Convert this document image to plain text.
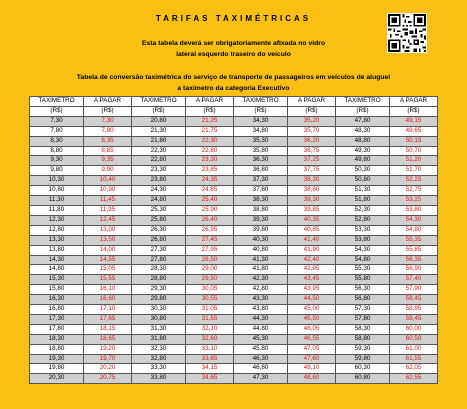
TARIFAS TAXIMÉTRICAS
Esta tabela deverá ser obrigatoriamente afixada no vidro
lateral esquerdo traseiro do veículo
Tabela de conversão taximétrica do serviço de transporte de passageiros em veículos de aluguel
a taxímetro da categoria Executivo
TAXIMETRO	A PAGAR	TAXIMETRO	A PAGAR	TAXIMETRO	A PAGAR	TAXIMETRO	A PAGAR
(R$)	(R$)	(R$)	(R$)	(R$)	(R$)	(R$)	(R$)
7,30	7,30	20,80	21,25	34,30	35,20	47,80	49,15
7,80	7,80	21,30	21,75	34,80	35,70	48,30	49,65
8,30	8,35	21,80	22,30	35,30	36,20	48,80	50,15
8,80	8,85	22,30	22,80	35,80	36,75	49,30	50,70
9,30	9,35	22,80	23,30	36,30	37,25	49,80	51,20
9,80	9,90	23,30	23,85	36,80	37,75	50,30	51,70
10,30	10,40	23,80	24,35	37,30	38,30	50,80	52,25
10,80	10,90	24,30	24,85	37,80	38,80	51,30	52,75
11,30	11,45	24,80	25,40	38,30	39,30	51,80	53,25
11,80	11,95	25,30	25,90	38,80	39,85	52,30	53,80
12,30	12,45	25,80	26,40	39,30	40,35	52,80	54,30
12,80	13,00	26,30	26,95	39,80	40,85	53,30	54,80
13,30	13,50	26,80	27,45	40,30	41,40	53,80	55,35
13,80	14,00	27,30	27,95	40,80	41,90	54,30	55,85
14,30	14,55	27,80	28,50	41,30	42,40	54,80	56,35
14,80	15,05	28,30	29,00	41,80	42,95	55,30	56,90
15,30	15,55	28,80	29,50	42,30	43,45	55,80	57,40
15,80	16,10	29,30	30,05	42,80	43,95	56,30	57,90
16,30	16,60	29,80	30,55	43,30	44,50	56,80	58,45
16,80	17,10	30,30	31,05	43,80	45,00	57,30	58,95
17,30	17,65	30,80	31,55	44,30	45,50	57,80	59,45
17,80	18,15	31,30	32,10	44,80	46,05	58,30	60,00
18,30	18,65	31,80	32,60	45,30	46,55	58,80	60,50
18,80	19,20	32,30	33,10	45,80	47,05	59,30	61,00
19,30	19,70	32,80	33,65	46,30	47,60	59,80	61,55
19,80	20,20	33,30	34,15	46,80	48,10	60,30	62,05
20,30	20,75	33,80	34,65	47,30	48,60	60,80	62,55
